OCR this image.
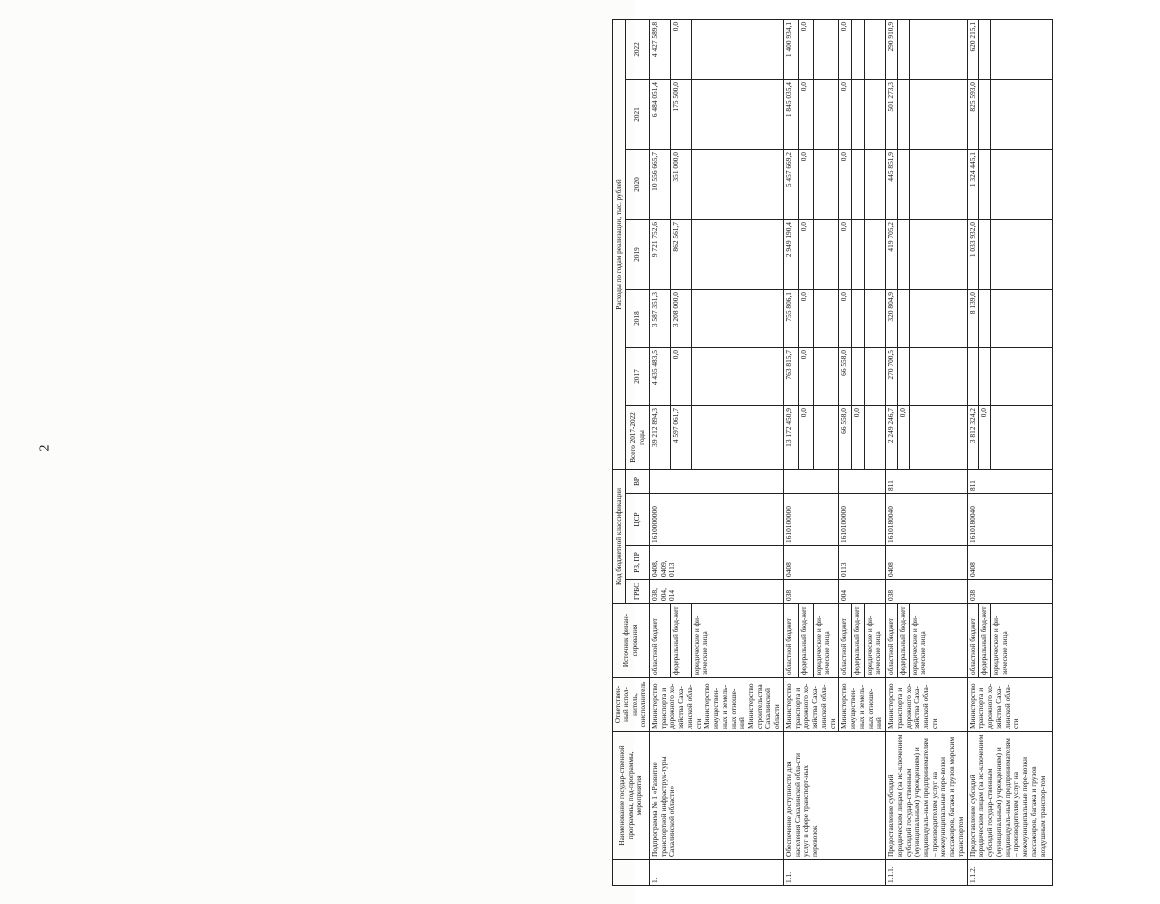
2
	Наименование государ-ственной программы, под-программы, мероприятия	Ответствен-ный испол-нитель, соисполнитель	Источник финан-сирования	Код бюджетной классификации				Расходы по годам реализации, тыс. рублей						
				ГРБС	РЗ, ПР	ЦСР	ВР	Всего 2017-2022 годы	2017	2018	2019	2020	2021	2022
1.	Подпрограмма № 1 «Развитие транспортной инфраструк-туры Сахалинской области»	Министерство транспорта и дорожного хо-зяйства Саха-линской обла-сти Министерство имуществен-ных и земель-ных отноше-ний Министерство строительства Сахалинской области	областной бюджет	038, 004, 014	0408, 0409, 0113	1610000000		39 212 894,3	4 435 483,5	3 587 351,3	9 721 752,6	10 556 665,7	6 484 051,4	4 427 589,8
			федеральный бюд-жет					4 597 061,7	0,0	3 208 000,0	862 561,7	351 000,0	175 500,0	0,0
			юридические и фи-зические лица											
1.1.	Обеспечение доступности для населения Сахалинской обла-сти услуг в сфере транспорт-ных перевозок	Министерство транспорта и дорожного хо-зяйства Саха-линской обла-сти	областной бюджет	038	0408	1610100000		13 172 450,9	763 815,7	755 806,1	2 949 190,4	5 457 669,2	1 845 035,4	1 400 934,1
			федеральный бюд-жет					0,0	0,0	0,0	0,0	0,0	0,0	0,0
			юридические и фи-зические лица											
		Министерство имуществен-ных и земель-ных отноше-ний	областной бюджет	004	0113	1610100000		66 558,0	66 558,0	0,0	0,0	0,0	0,0	0,0
			федеральный бюд-жет					0,0						
			юридические и фи-зические лица											
1.1.1.	Предоставление субсидий юридическим лицам (за ис-ключением субсидий государ-ственным (муниципальным) учреждениям) и индивидуаль-ным предпринимателям – производителям услуг на межмуниципальные пере-возки пассажиров, багажа и грузов морским транспортом	Министерство транспорта и дорожного хо-зяйства Саха-линской обла-сти	областной бюджет	038	0408	1610180040	811	2 249 246,7	270 700,5	320 804,9	419 705,2	445 851,9	501 273,3	290 910,9
			федеральный бюд-жет					0,0						
			юридические и фи-зические лица											
1.1.2.	Предоставление субсидий юридическим лицам (за ис-ключением субсидий государ-ственным (муниципальным) учреждениям) и индивидуаль-ным предпринимателям – производителям услуг на межмуниципальные пере-возки пассажиров, багажа и грузов воздушным транспор-том	Министерство транспорта и дорожного хо-зяйства Саха-линской обла-сти	областной бюджет	038	0408	1610180040	811	3 812 324,2		8 139,0	1 033 932,0	1 324 445,1	825 593,0	620 215,1
			федеральный бюд-жет					0,0						
			юридические и фи-зические лица											
